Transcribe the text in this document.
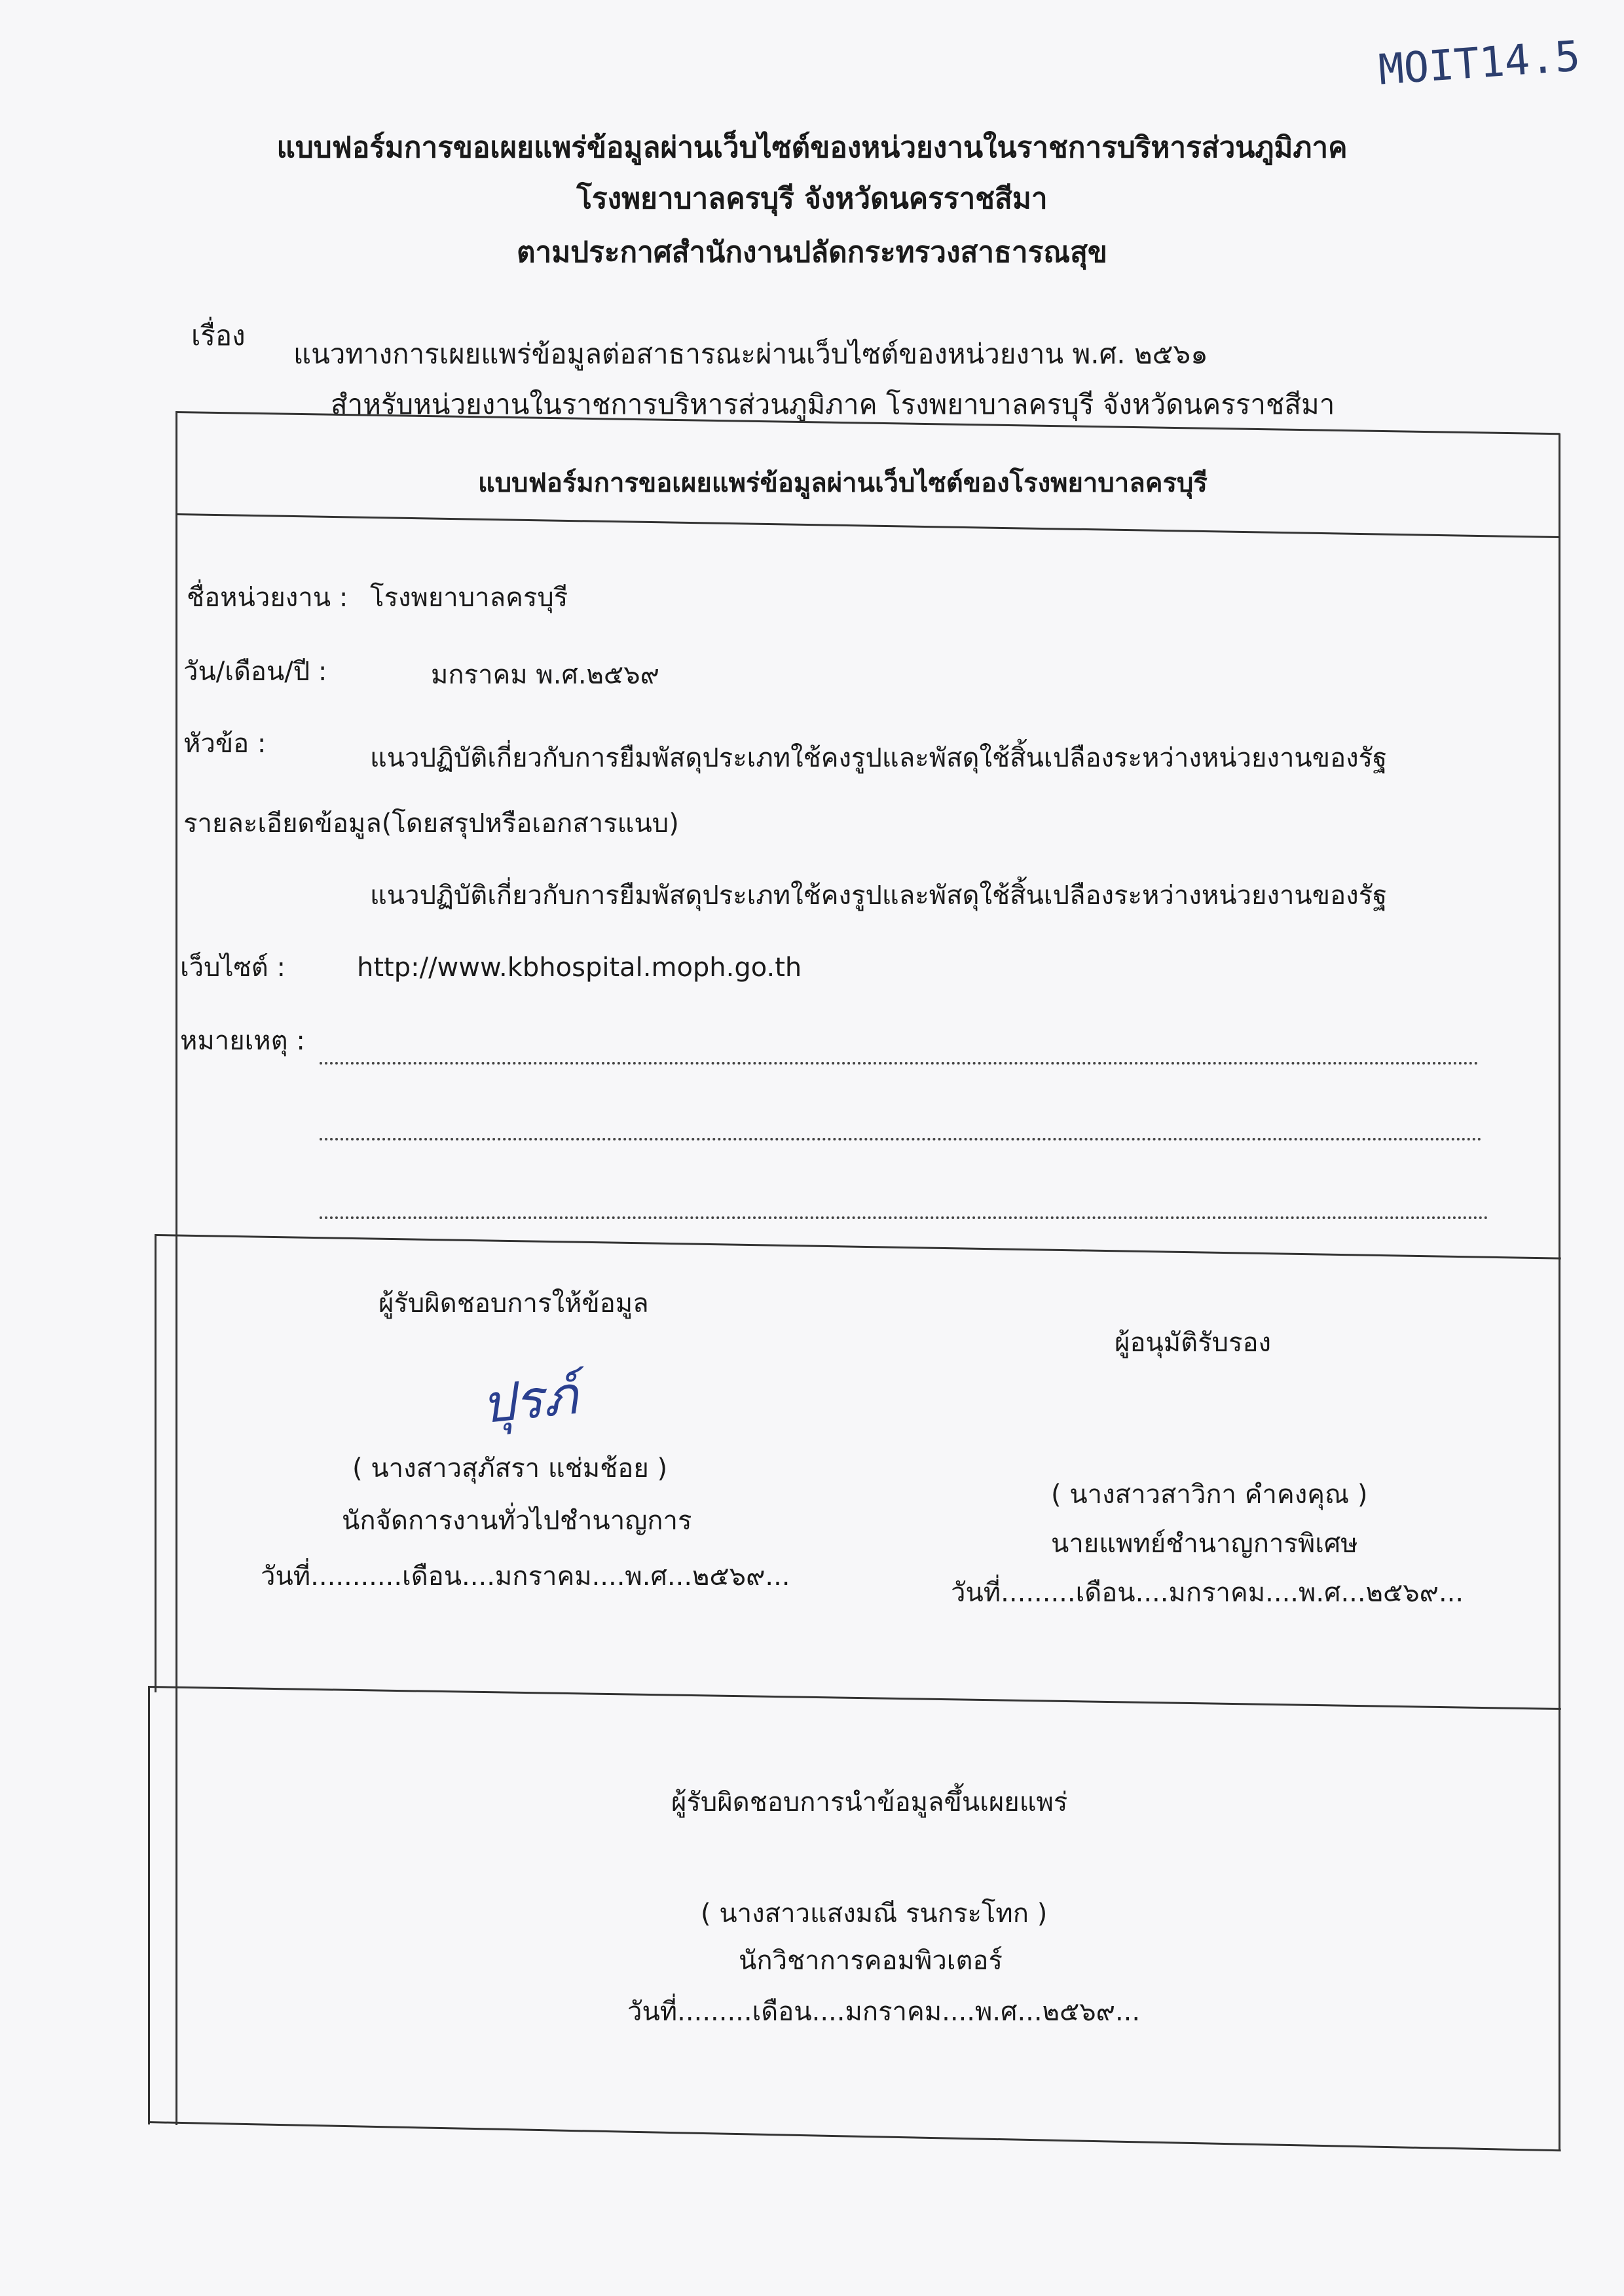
MOIT14.5
แบบฟอร์มการขอเผยแพร่ข้อมูลผ่านเว็บไซต์ของหน่วยงานในราชการบริหารส่วนภูมิภาค
โรงพยาบาลครบุรี จังหวัดนครราชสีมา
ตามประกาศสำนักงานปลัดกระทรวงสาธารณสุข
เรื่อง
แนวทางการเผยแพร่ข้อมูลต่อสาธารณะผ่านเว็บไซต์ของหน่วยงาน พ.ศ. ๒๕๖๑
สำหรับหน่วยงานในราชการบริหารส่วนภูมิภาค โรงพยาบาลครบุรี จังหวัดนครราชสีมา
แบบฟอร์มการขอเผยแพร่ข้อมูลผ่านเว็บไซต์ของโรงพยาบาลครบุรี
ชื่อหน่วยงาน : โรงพยาบาลครบุรี
วัน/เดือน/ปี :	มกราคม พ.ศ.๒๕๖๙
หัวข้อ :	แนวปฏิบัติเกี่ยวกับการยืมพัสดุประเภทใช้คงรูปและพัสดุใช้สิ้นเปลืองระหว่างหน่วยงานของรัฐ
รายละเอียดข้อมูล(โดยสรุปหรือเอกสารแนบ)
แนวปฏิบัติเกี่ยวกับการยืมพัสดุประเภทใช้คงรูปและพัสดุใช้สิ้นเปลืองระหว่างหน่วยงานของรัฐ
เว็บไซต์ :	http://www.kbhospital.moph.go.th
หมายเหตุ :
ผู้รับผิดชอบการให้ข้อมูล
ปุรภ์
( นางสาวสุภัสรา แช่มช้อย )
นักจัดการงานทั่วไปชำนาญการ
วันที่...........เดือน....มกราคม....พ.ศ...๒๕๖๙...
ผู้อนุมัติรับรอง
( นางสาวสาวิกา คำคงคุณ )
นายแพทย์ชำนาญการพิเศษ
วันที่.........เดือน....มกราคม....พ.ศ...๒๕๖๙...
ผู้รับผิดชอบการนำข้อมูลขึ้นเผยแพร่
( นางสาวแสงมณี รนกระโทก )
นักวิชาการคอมพิวเตอร์
วันที่.........เดือน....มกราคม....พ.ศ...๒๕๖๙...
